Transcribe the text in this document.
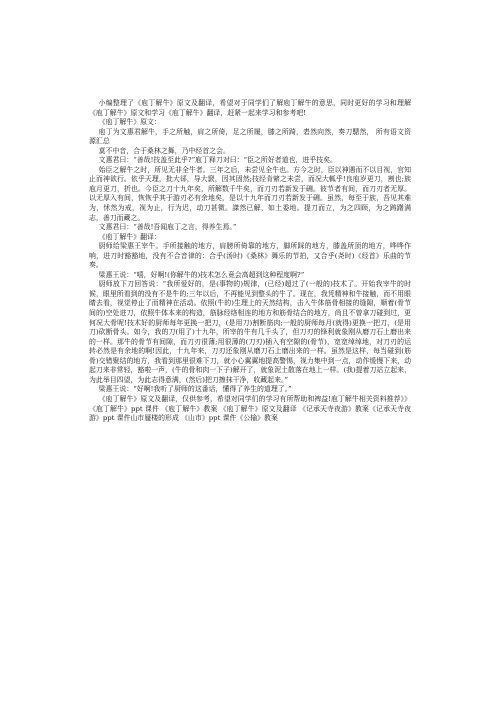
小编整理了《庖丁解牛》原文及翻译，希望对于同学们了解庖丁解牛的意思，同时更好的学习和理解《庖丁解牛》原文和学习《庖丁解牛》翻译，赶紧一起来学习和参考吧!

《庖丁解牛》原文：

庖丁为文惠君解牛，手之所触，肩之所倚，足之所履，膝之所踦，砉然向然，奏刀騞然， 所有语文资源汇总

莫不中音，合于桑林之舞，乃中经首之会。

文惠君曰：“善哉!技盖至此乎?”庖丁释刀对曰：“臣之所好者道也，进乎技矣。

始臣之解牛之时，所见无非全牛者。三年之后，未尝见全牛也。方今之时，臣以神遇而不以目视，官知止而神欲行。依乎天理，批大郤，导大窾，因其固然;技经肯綮之未尝，而况大軱乎!良庖岁更刀，割也;族庖月更刀，折也。今臣之刀十九年矣，所解数千牛矣，而刀刃若新发于硎。彼节者有间，而刀刃者无厚。以无厚入有间，恢恢乎其于游刃必有余地矣，是以十九年而刀刃若新发于硎。虽然，每至于族，吾见其难为，怵然为戒，视为止，行为迟，动刀甚微。謋然已解，如土委地。提刀而立，为之四顾，为之踌躇满志，善刀而藏之。

文惠君曰：“善哉!吾闻庖丁之言，得养生焉。”

《庖丁解牛》翻译：

厨师给梁惠王宰牛。手所接触的地方，肩膀所倚靠的地方，脚所踩的地方，膝盖所顶的地方，哗哗作响，进刀时豁豁地，没有不合音律的：合乎(汤时)《桑林》舞乐的节拍，又合乎(尧时)《经首》乐曲的节奏。

梁惠王说：“嘻，好啊!(你解牛的)技术怎么竟会高超到这种程度啊?”

厨师放下刀回答说：“我所爱好的，是(事物的)规律，(已经)超过了(一般的)技术了。开始我宰牛的时候，眼里所看到的没有不是牛的;三年以后，不再能见到整头的牛了。现在，我凭精神和牛接触，而不用眼睛去看，视觉停止了而精神在活动。依照(牛的)生理上的天然结构，击入牛体筋骨相接的缝隙，顺着(骨节间的)空处进刀，依照牛体本来的构造，筋脉经络相连的地方和筋骨结合的地方，尚且不曾拿刀碰到过，更何况大骨呢!技术好的厨师每年更换一把刀，(是用刀)割断筋肉;一般的厨师每月(就得)更换一把刀，(是用刀)砍断骨头。如今，我的刀(用了)十九年，所宰的牛有几千头了，但刀刃的锋利就象刚从磨刀石上磨出来的一样。那牛的骨节有间隙，而刀刃很薄;用很薄的(刀刃)插入有空隙的(骨节)，宽宽绰绰地，对刀刃的运转必然是有余地的啊!因此，十九年来，刀刃还象刚从磨刀石上磨出来的一样。虽然是这样，每当碰到(筋骨)交错聚结的地方，我看到那里很难下刀，就小心翼翼地提高警惕，视力集中到一点，动作缓慢下来，动起刀来非常轻，豁啦一声，(牛的骨和肉一下子)解开了，就象泥土散落在地上一样。(我)提着刀站立起来，为此举目四望，为此志得意满，(然后)把刀擦抹干净，收藏起来。”

梁惠王说：“好啊!我听了厨师的这番话，懂得了养生的道理了。”

《庖丁解牛》原文及翻译，仅供参考，希望对同学们的学习有所帮助和裨益!庖丁解牛相关资料推荐》》《庖丁解牛》ppt 课件 《庖丁解牛》教案 《庖丁解牛》原文及翻译 《记承天寺夜游》教案《记承天寺夜游》ppt 课件山市蜃楼的形成 《山市》ppt 课件《公输》教案
